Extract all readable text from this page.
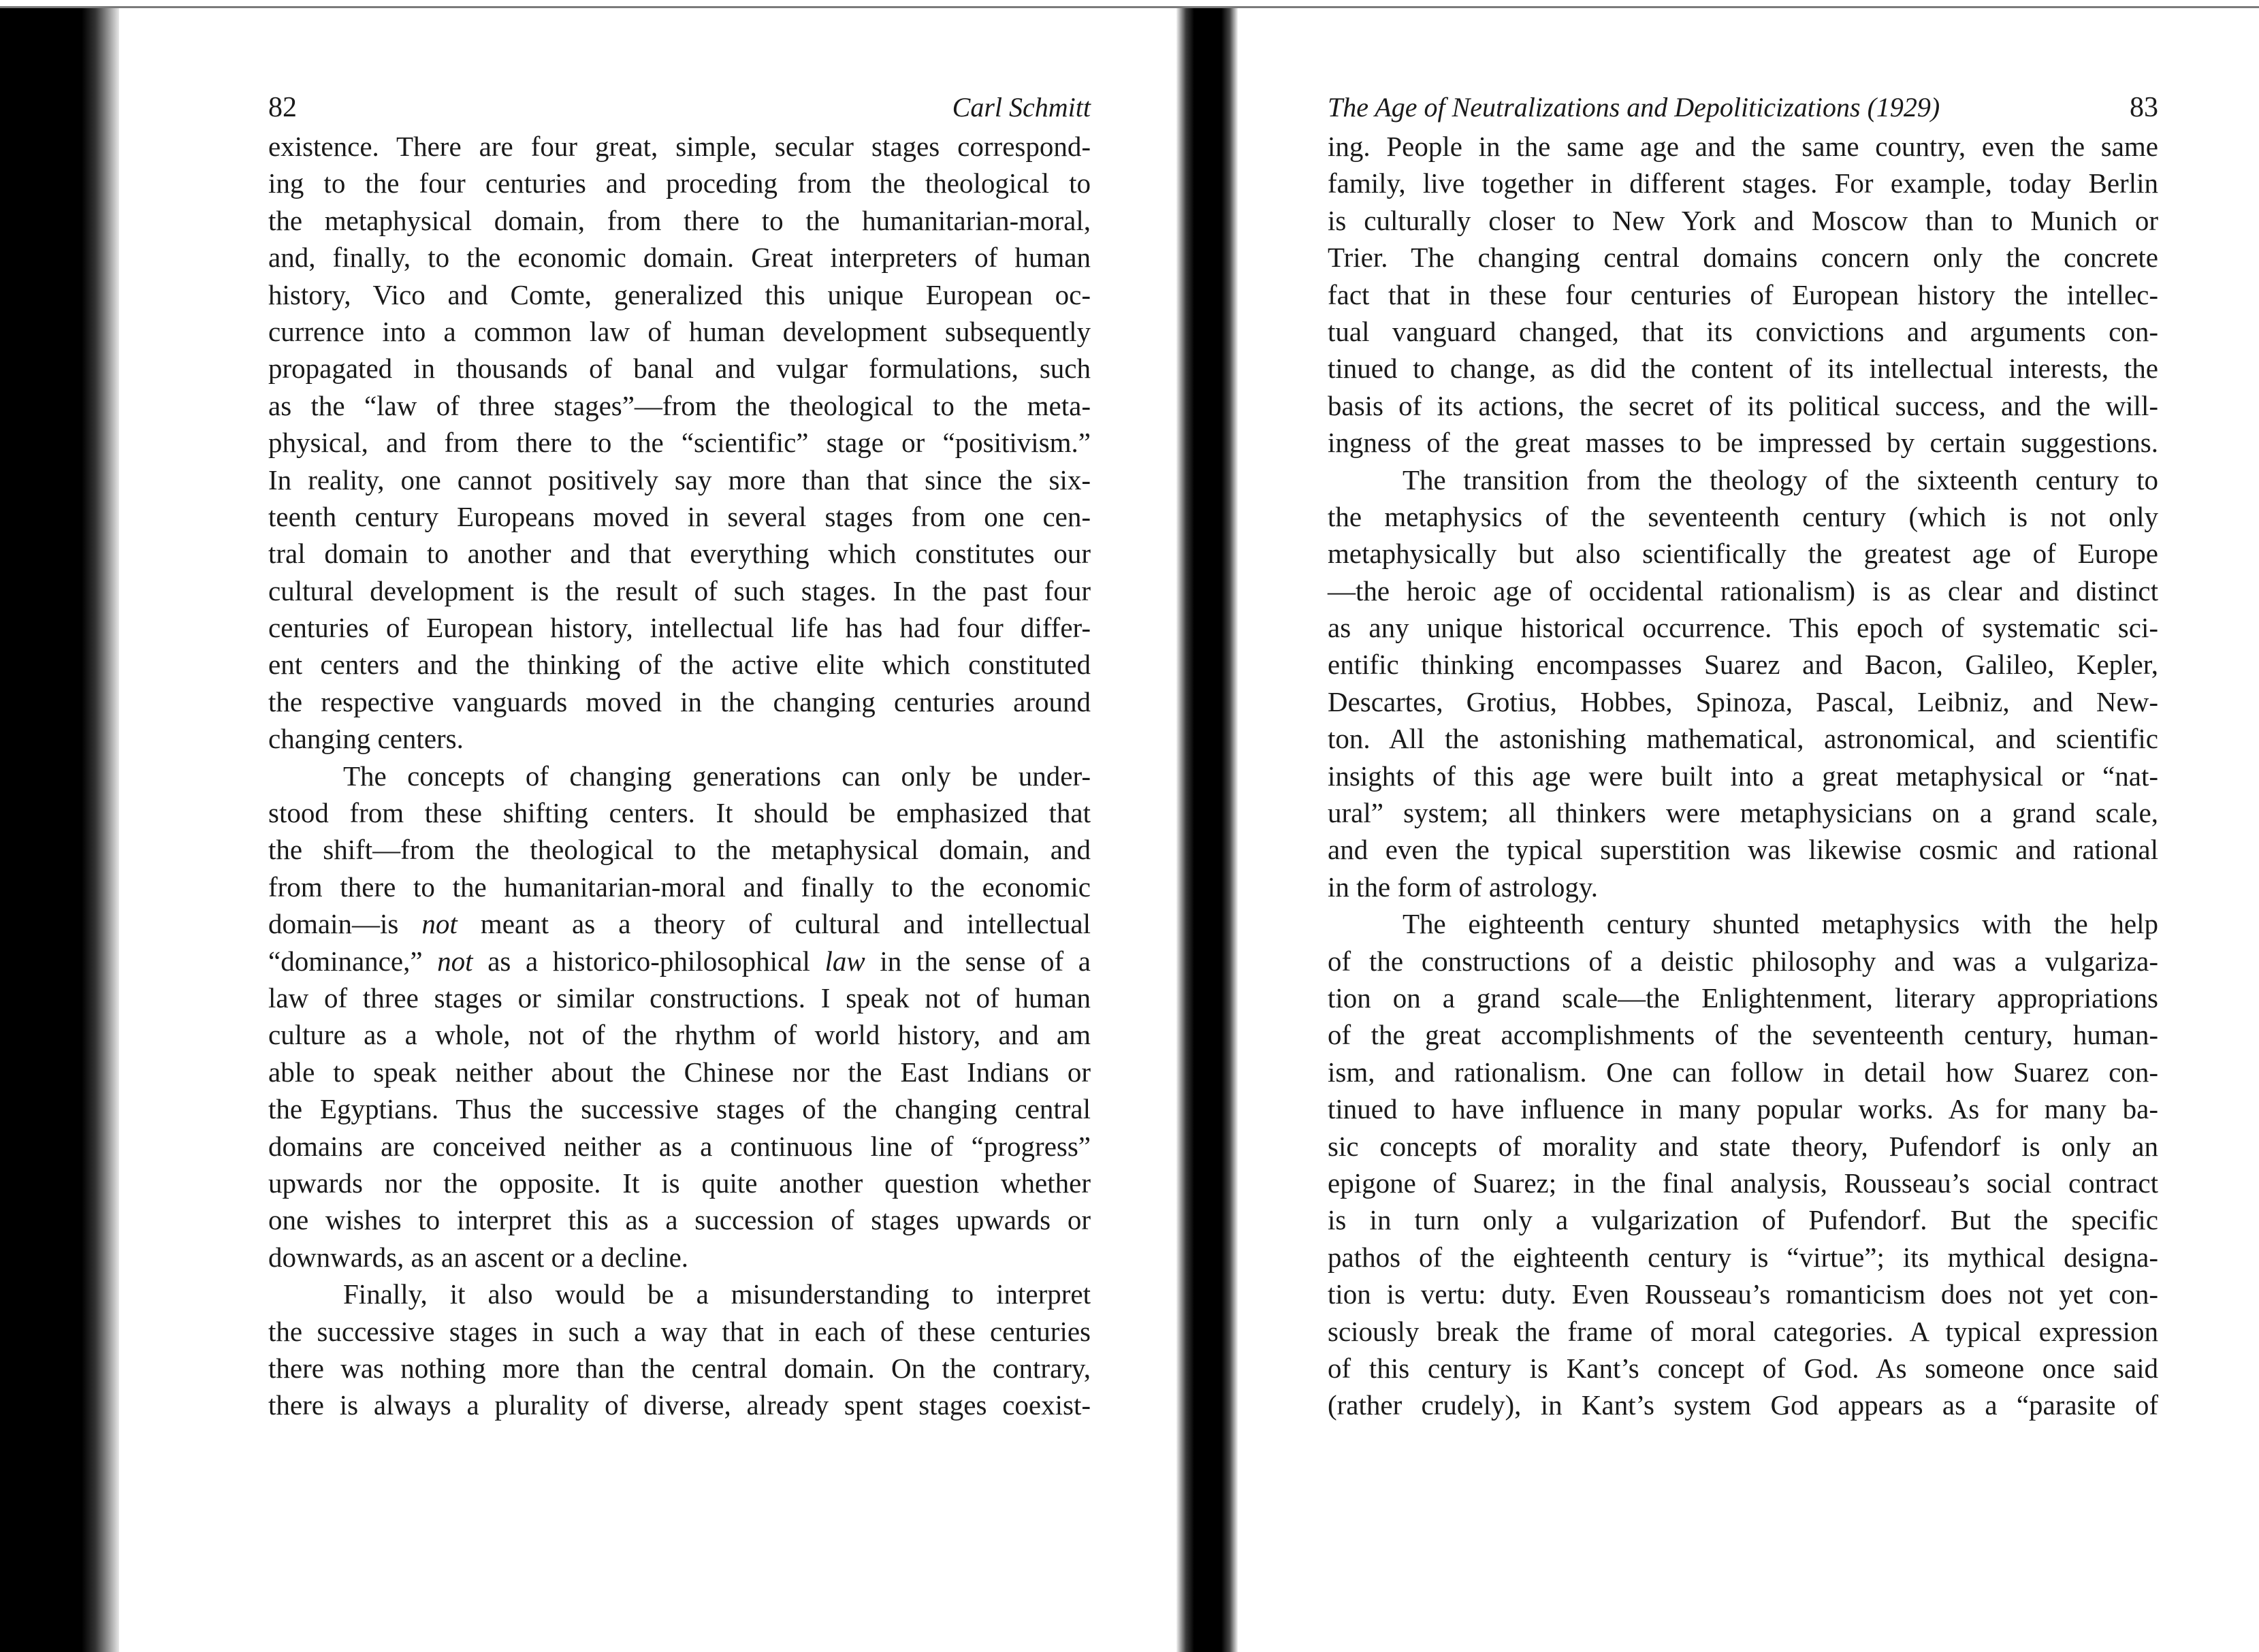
82	Carl Schmitt
existence. There are four great, simple, secular stages correspond-
ing to the four centuries and proceding from the theological to
the metaphysical domain, from there to the humanitarian-moral,
and, finally, to the economic domain. Great interpreters of human
history, Vico and Comte, generalized this unique European oc-
currence into a common law of human development subsequently
propagated in thousands of banal and vulgar formulations, such
as the “law of three stages”—from the theological to the meta-
physical, and from there to the “scientific” stage or “positivism.”
In reality, one cannot positively say more than that since the six-
teenth century Europeans moved in several stages from one cen-
tral domain to another and that everything which constitutes our
cultural development is the result of such stages. In the past four
centuries of European history, intellectual life has had four differ-
ent centers and the thinking of the active elite which constituted
the respective vanguards moved in the changing centuries around
changing centers.
The concepts of changing generations can only be under-
stood from these shifting centers. It should be emphasized that
the shift—from the theological to the metaphysical domain, and
from there to the humanitarian-moral and finally to the economic
domain—is not meant as a theory of cultural and intellectual
“dominance,” not as a historico-philosophical law in the sense of a
law of three stages or similar constructions. I speak not of human
culture as a whole, not of the rhythm of world history, and am
able to speak neither about the Chinese nor the East Indians or
the Egyptians. Thus the successive stages of the changing central
domains are conceived neither as a continuous line of “progress”
upwards nor the opposite. It is quite another question whether
one wishes to interpret this as a succession of stages upwards or
downwards, as an ascent or a decline.
Finally, it also would be a misunderstanding to interpret
the successive stages in such a way that in each of these centuries
there was nothing more than the central domain. On the contrary,
there is always a plurality of diverse, already spent stages coexist-
The Age of Neutralizations and Depoliticizations (1929)	83
ing. People in the same age and the same country, even the same
family, live together in different stages. For example, today Berlin
is culturally closer to New York and Moscow than to Munich or
Trier. The changing central domains concern only the concrete
fact that in these four centuries of European history the intellec-
tual vanguard changed, that its convictions and arguments con-
tinued to change, as did the content of its intellectual interests, the
basis of its actions, the secret of its political success, and the will-
ingness of the great masses to be impressed by certain suggestions.
The transition from the theology of the sixteenth century to
the metaphysics of the seventeenth century (which is not only
metaphysically but also scientifically the greatest age of Europe
—the heroic age of occidental rationalism) is as clear and distinct
as any unique historical occurrence. This epoch of systematic sci-
entific thinking encompasses Suarez and Bacon, Galileo, Kepler,
Descartes, Grotius, Hobbes, Spinoza, Pascal, Leibniz, and New-
ton. All the astonishing mathematical, astronomical, and scientific
insights of this age were built into a great metaphysical or “nat-
ural” system; all thinkers were metaphysicians on a grand scale,
and even the typical superstition was likewise cosmic and rational
in the form of astrology.
The eighteenth century shunted metaphysics with the help
of the constructions of a deistic philosophy and was a vulgariza-
tion on a grand scale—the Enlightenment, literary appropriations
of the great accomplishments of the seventeenth century, human-
ism, and rationalism. One can follow in detail how Suarez con-
tinued to have influence in many popular works. As for many ba-
sic concepts of morality and state theory, Pufendorf is only an
epigone of Suarez; in the final analysis, Rousseau’s social contract
is in turn only a vulgarization of Pufendorf. But the specific
pathos of the eighteenth century is “virtue”; its mythical designa-
tion is vertu: duty. Even Rousseau’s romanticism does not yet con-
sciously break the frame of moral categories. A typical expression
of this century is Kant’s concept of God. As someone once said
(rather crudely), in Kant’s system God appears as a “parasite of
